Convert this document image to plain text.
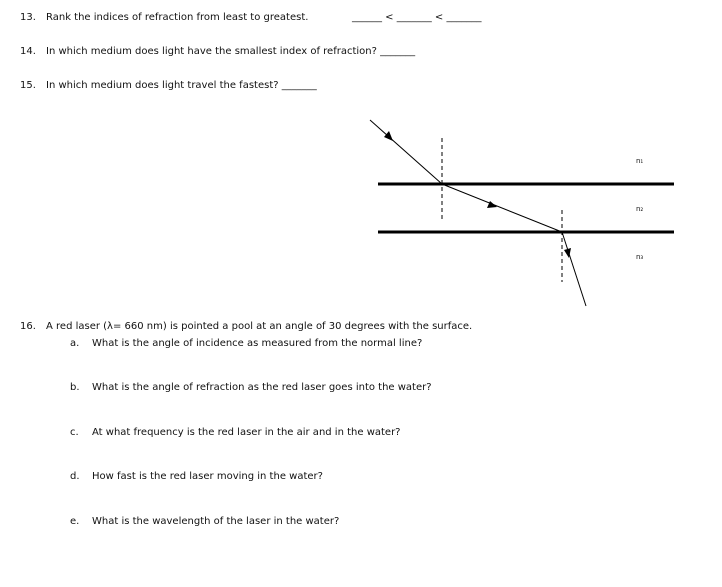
13. Rank the indices of refraction from least to greatest.	______ < _______ < _______
14. In which medium does light have the smallest index of refraction? _______
15. In which medium does light travel the fastest? _______
n₁
n₂
n₃
16. A red laser (λ= 660 nm) is pointed a pool at an angle of 30 degrees with the surface.
a. What is the angle of incidence as measured from the normal line?
b. What is the angle of refraction as the red laser goes into the water?
c. At what frequency is the red laser in the air and in the water?
d. How fast is the red laser moving in the water?
e. What is the wavelength of the laser in the water?
